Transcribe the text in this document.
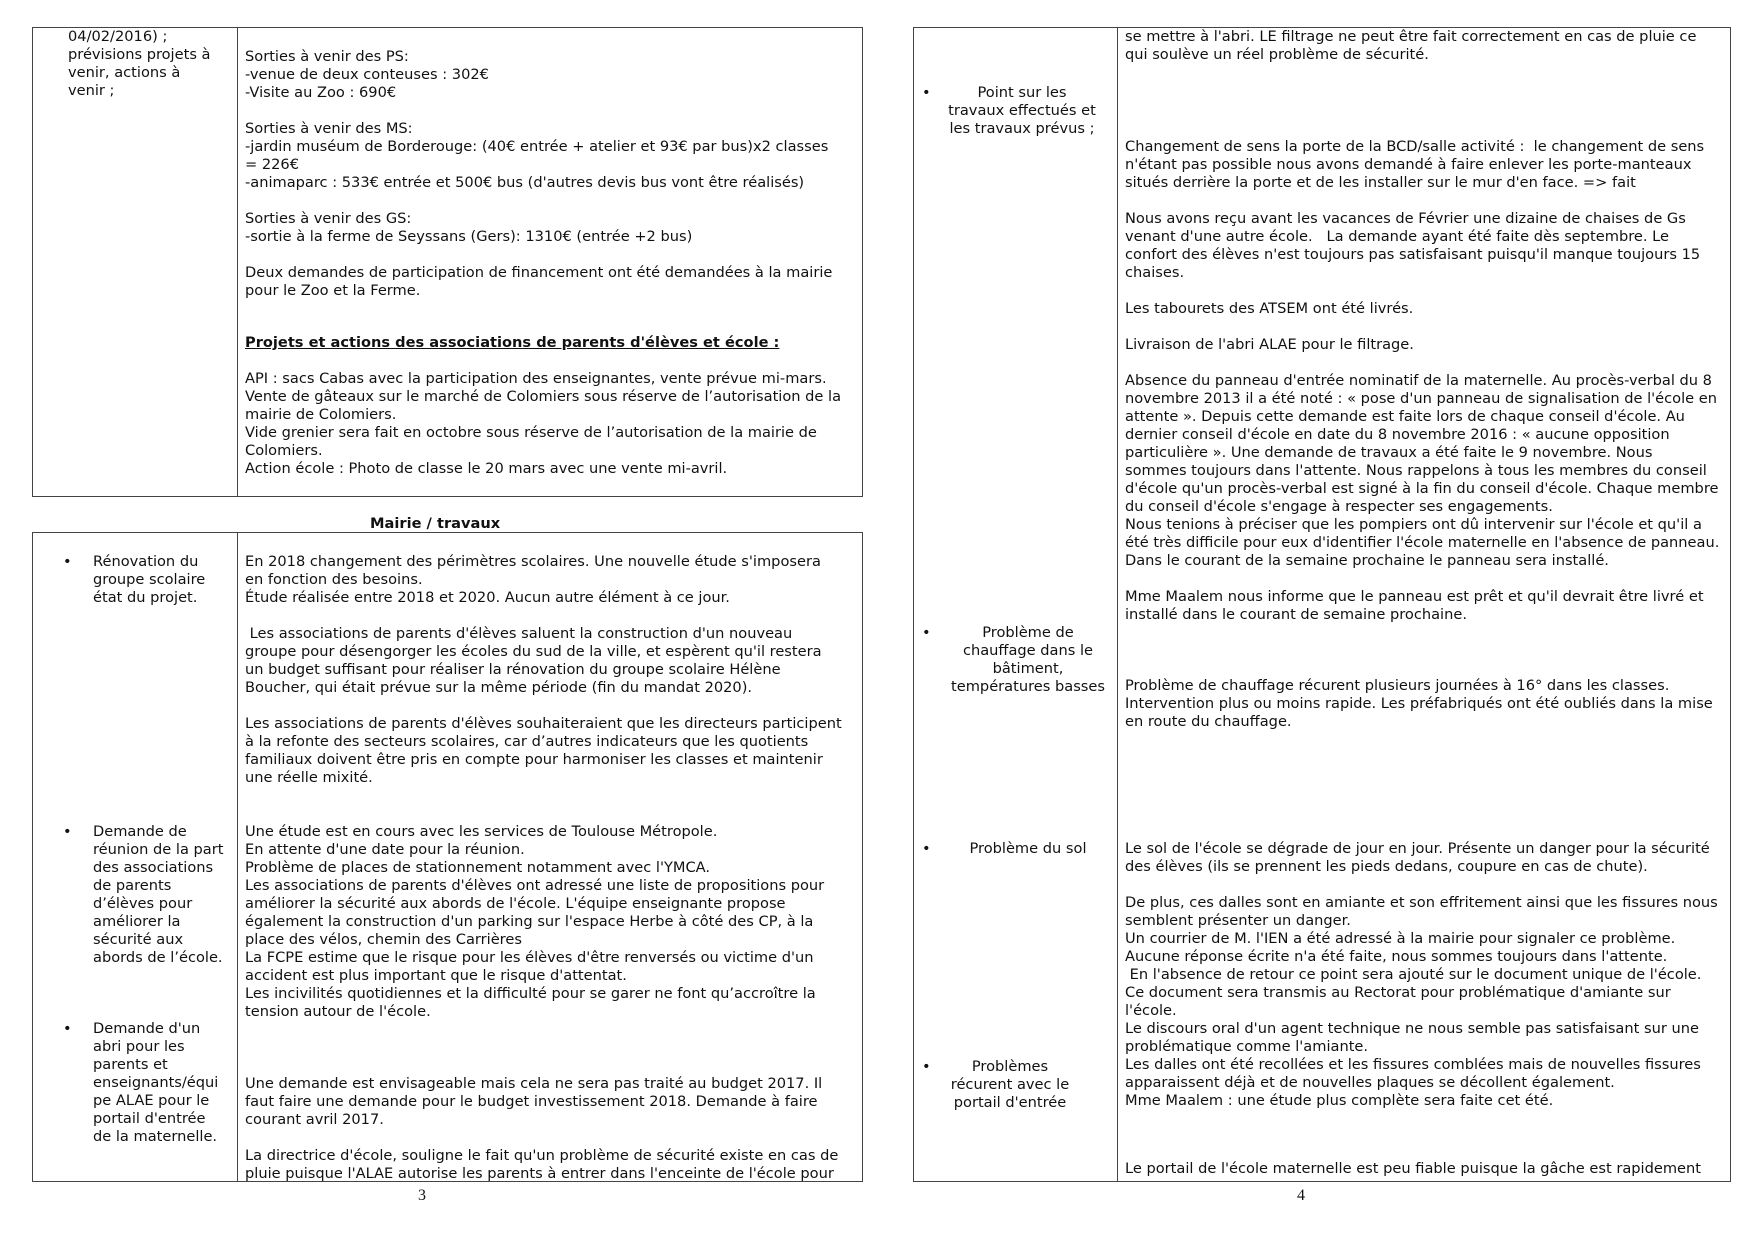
04/02/2016) ;
prévisions projets à
venir, actions à
venir ;
Sorties à venir des PS:
-venue de deux conteuses : 302€
-Visite au Zoo : 690€

Sorties à venir des MS:
-jardin muséum de Borderouge: (40€ entrée + atelier et 93€ par bus)x2 classes
= 226€
-animaparc : 533€ entrée et 500€ bus (d'autres devis bus vont être réalisés)

Sorties à venir des GS:
-sortie à la ferme de Seyssans (Gers): 1310€ (entrée +2 bus)

Deux demandes de participation de financement ont été demandées à la mairie
pour le Zoo et la Ferme.
Projets et actions des associations de parents d'élèves et école :
API : sacs Cabas avec la participation des enseignantes, vente prévue mi-mars.
Vente de gâteaux sur le marché de Colomiers sous réserve de l’autorisation de la
mairie de Colomiers.
Vide grenier sera fait en octobre sous réserve de l’autorisation de la mairie de
Colomiers.
Action école : Photo de classe le 20 mars avec une vente mi-avril.
Mairie / travaux
• Rénovation du
groupe scolaire
état du projet.
En 2018 changement des périmètres scolaires. Une nouvelle étude s'imposera
en fonction des besoins.
Étude réalisée entre 2018 et 2020. Aucun autre élément à ce jour.

Les associations de parents d'élèves saluent la construction d'un nouveau
groupe pour désengorger les écoles du sud de la ville, et espèrent qu'il restera
un budget suffisant pour réaliser la rénovation du groupe scolaire Hélène
Boucher, qui était prévue sur la même période (fin du mandat 2020).

Les associations de parents d'élèves souhaiteraient que les directeurs participent
à la refonte des secteurs scolaires, car d’autres indicateurs que les quotients
familiaux doivent être pris en compte pour harmoniser les classes et maintenir
une réelle mixité.
• Demande de
réunion de la part
des associations
de parents
d’élèves pour
améliorer la
sécurité aux
abords de l’école.
Une étude est en cours avec les services de Toulouse Métropole.
En attente d'une date pour la réunion.
Problème de places de stationnement notamment avec l'YMCA.
Les associations de parents d'élèves ont adressé une liste de propositions pour
améliorer la sécurité aux abords de l'école. L'équipe enseignante propose
également la construction d'un parking sur l'espace Herbe à côté des CP, à la
place des vélos, chemin des Carrières
La FCPE estime que le risque pour les élèves d'être renversés ou victime d'un
accident est plus important que le risque d'attentat.
Les incivilités quotidiennes et la difficulté pour se garer ne font qu’accroître la
tension autour de l'école.
• Demande d'un
abri pour les
parents et
enseignants/équi
pe ALAE pour le
portail d'entrée
de la maternelle.
Une demande est envisageable mais cela ne sera pas traité au budget 2017. Il
faut faire une demande pour le budget investissement 2018. Demande à faire
courant avril 2017.

La directrice d'école, souligne le fait qu'un problème de sécurité existe en cas de
pluie puisque l'ALAE autorise les parents à entrer dans l'enceinte de l'école pour
3
Point sur les
travaux effectués et
les travaux prévus ;
Problème de
chauffage dans le
bâtiment,
températures basses
Problème du sol
Problèmes
récurent avec le
portail d'entrée
se mettre à l'abri. LE filtrage ne peut être fait correctement en cas de pluie ce
qui soulève un réel problème de sécurité.
Changement de sens la porte de la BCD/salle activité :  le changement de sens
n'étant pas possible nous avons demandé à faire enlever les porte-manteaux
situés derrière la porte et de les installer sur le mur d'en face. => fait

Nous avons reçu avant les vacances de Février une dizaine de chaises de Gs
venant d'une autre école.   La demande ayant été faite dès septembre. Le
confort des élèves n'est toujours pas satisfaisant puisqu'il manque toujours 15
chaises.

Les tabourets des ATSEM ont été livrés.

Livraison de l'abri ALAE pour le filtrage.

Absence du panneau d'entrée nominatif de la maternelle. Au procès-verbal du 8
novembre 2013 il a été noté : « pose d'un panneau de signalisation de l'école en
attente ». Depuis cette demande est faite lors de chaque conseil d'école. Au
dernier conseil d'école en date du 8 novembre 2016 : « aucune opposition
particulière ». Une demande de travaux a été faite le 9 novembre. Nous
sommes toujours dans l'attente. Nous rappelons à tous les membres du conseil
d'école qu'un procès-verbal est signé à la fin du conseil d'école. Chaque membre
du conseil d'école s'engage à respecter ses engagements.
Nous tenions à préciser que les pompiers ont dû intervenir sur l'école et qu'il a
été très difficile pour eux d'identifier l'école maternelle en l'absence de panneau.
Dans le courant de la semaine prochaine le panneau sera installé.

Mme Maalem nous informe que le panneau est prêt et qu'il devrait être livré et
installé dans le courant de semaine prochaine.
Problème de chauffage récurent plusieurs journées à 16° dans les classes.
Intervention plus ou moins rapide. Les préfabriqués ont été oubliés dans la mise
en route du chauffage.
Le sol de l'école se dégrade de jour en jour. Présente un danger pour la sécurité
des élèves (ils se prennent les pieds dedans, coupure en cas de chute).

De plus, ces dalles sont en amiante et son effritement ainsi que les fissures nous
semblent présenter un danger.
Un courrier de M. l'IEN a été adressé à la mairie pour signaler ce problème.
Aucune réponse écrite n'a été faite, nous sommes toujours dans l'attente.
En l'absence de retour ce point sera ajouté sur le document unique de l'école.
Ce document sera transmis au Rectorat pour problématique d'amiante sur
l'école.
Le discours oral d'un agent technique ne nous semble pas satisfaisant sur une
problématique comme l'amiante.
Les dalles ont été recollées et les fissures comblées mais de nouvelles fissures
apparaissent déjà et de nouvelles plaques se décollent également.
Mme Maalem : une étude plus complète sera faite cet été.
Le portail de l'école maternelle est peu fiable puisque la gâche est rapidement
4
